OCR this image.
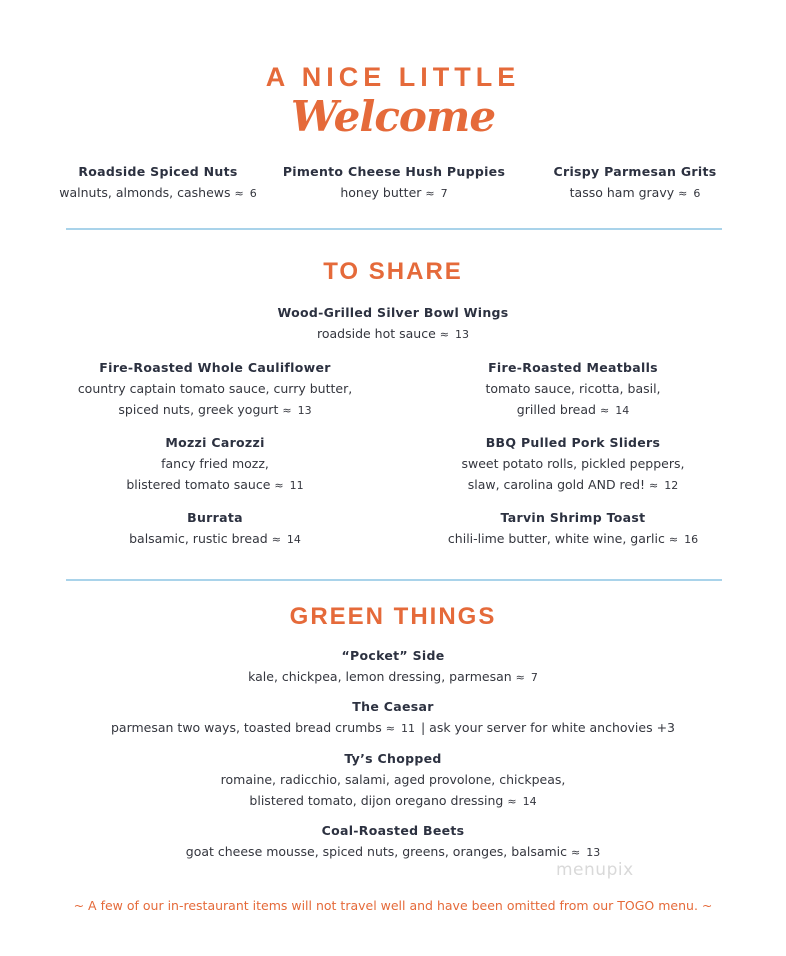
A NICE LITTLE
Welcome
Roadside Spiced Nuts
walnuts, almonds, cashews ≈ 6
Pimento Cheese Hush Puppies
honey butter ≈ 7
Crispy Parmesan Grits
tasso ham gravy ≈ 6
TO SHARE
Wood-Grilled Silver Bowl Wings
roadside hot sauce ≈ 13
Fire-Roasted Whole Cauliflower
country captain tomato sauce, curry butter,
spiced nuts, greek yogurt ≈ 13
Fire-Roasted Meatballs
tomato sauce, ricotta, basil,
grilled bread ≈ 14
Mozzi Carozzi
fancy fried mozz,
blistered tomato sauce ≈ 11
BBQ Pulled Pork Sliders
sweet potato rolls, pickled peppers,
slaw, carolina gold AND red! ≈ 12
Burrata
balsamic, rustic bread ≈ 14
Tarvin Shrimp Toast
chili-lime butter, white wine, garlic ≈ 16
GREEN THINGS
“Pocket” Side
kale, chickpea, lemon dressing, parmesan ≈ 7
The Caesar
parmesan two ways, toasted bread crumbs ≈ 11 | ask your server for white anchovies +3
Ty’s Chopped
romaine, radicchio, salami, aged provolone, chickpeas,
blistered tomato, dijon oregano dressing ≈ 14
Coal-Roasted Beets
goat cheese mousse, spiced nuts, greens, oranges, balsamic ≈ 13
menupix
~ A few of our in-restaurant items will not travel well and have been omitted from our TOGO menu. ~
